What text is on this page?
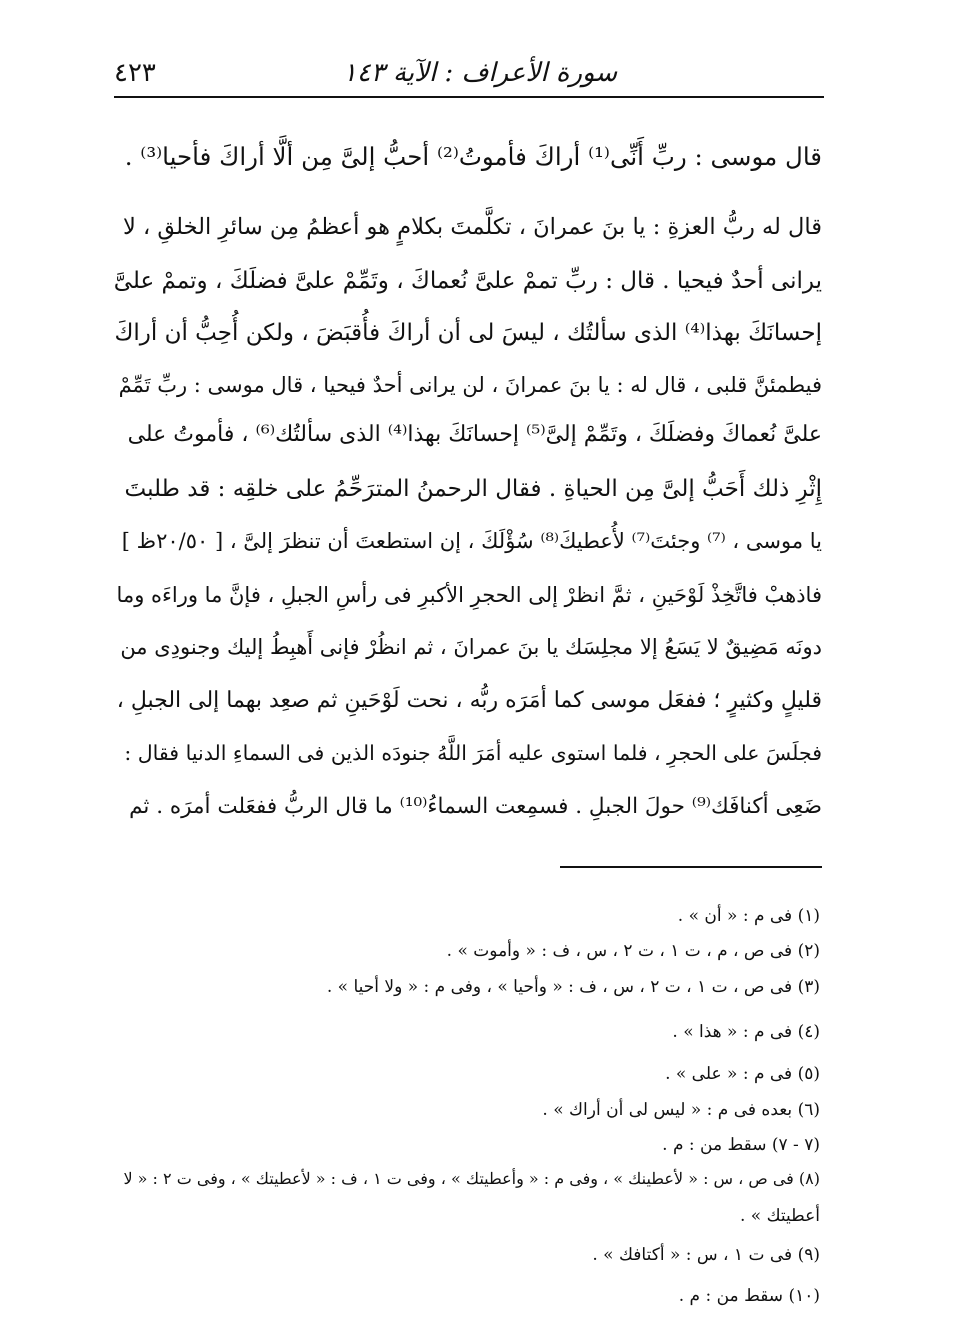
سورة الأعراف : الآية ١٤٣
٤٢٣
قال موسى : ربِّ أَنِّى⁽¹⁾ أراكَ فأموتُ⁽²⁾ أحبُّ إلىَّ مِن ألَّا أراكَ فأحيا⁽³⁾ .
قال له ربُّ العزةِ : يا بنَ عمرانَ ، تكلَّمتَ بكلامٍ هو أعظمُ مِن سائرِ الخلقِ ، لا
يرانى أحدٌ فيحيا . قال : ربِّ تممْ علىَّ نُعماكَ ، وتَمِّمْ علىَّ فضلَكَ ، وتممْ علىَّ
إحسانَكَ بهذا⁽⁴⁾ الذى سألتُك ، ليسَ لى أن أراكَ فأُقبَضَ ، ولكن أُحِبُّ أن أراكَ
فيطمئنَّ قلبى ، قال له : يا بنَ عمرانَ ، لن يرانى أحدٌ فيحيا ، قال موسى : ربِّ تَمِّمْ
علىَّ نُعماكَ وفضلَكَ ، وتَمِّمْ إلىَّ⁽⁵⁾ إحسانَكَ بهذا⁽⁴⁾ الذى سألتُك⁽⁶⁾ ، فأموتُ على
إِثْرِ ذلك أَحَبُّ إلىَّ مِن الحياةِ . فقال الرحمنُ المترَحِّمُ على خلقِه : قد طلبتَ
يا موسى ، ⁽⁷⁾ وجئتَ⁽⁷⁾ لأُعطيكَ⁽⁸⁾ سُؤْلَكَ ، إن استطعتَ أن تنظرَ إلىَّ ، [ ٢٠/٥٠ظ ]
فاذهبْ فاتَّخِذْ لَوْحَينِ ، ثمَّ انظرْ إلى الحجرِ الأكبرِ فى رأسِ الجبلِ ، فإنَّ ما وراءَه وما
دونَه مَضِيقٌ لا يَسَعُ إلا مجلِسَك يا بنَ عمرانَ ، ثم انظُرْ فإنى أَهبِطُ إليك وجنودِى من
قليلٍ وكثيرٍ ؛ ففعَل موسى كما أمَرَه ربُّه ، نحت لَوْحَينِ ثم صعِد بهما إلى الجبلِ ،
فجلَسَ على الحجرِ ، فلما استوى عليه أمَرَ اللَّهُ جنودَه الذين فى السماءِ الدنيا فقال :
ضَعِى أكنافَك⁽⁹⁾ حولَ الجبلِ . فسمِعت السماءُ⁽¹⁰⁾ ما قال الربُّ ففعَلت أمرَه . ثم
(١) فى م : « أن » .
(٢) فى ص ، م ، ت ١ ، ت ٢ ، س ، ف : « وأموت » .
(٣) فى ص ، ت ١ ، ت ٢ ، س ، ف : « وأحيا » ، وفى م : « ولا أحيا » .
(٤) فى م : « هذا » .
(٥) فى م : « على » .
(٦) بعده فى م : « ليس لى أن أراك » .
(٧ - ٧) سقط من : م .
(٨) فى ص ، س : « لأعطينك » ، وفى م : « وأعطيتك » ، وفى ت ١ ، ف : « لأعطيتك » ، وفى ت ٢ : « لا
أعطيتك » .
(٩) فى ت ١ ، س : « أكتافك » .
(١٠) سقط من : م .
